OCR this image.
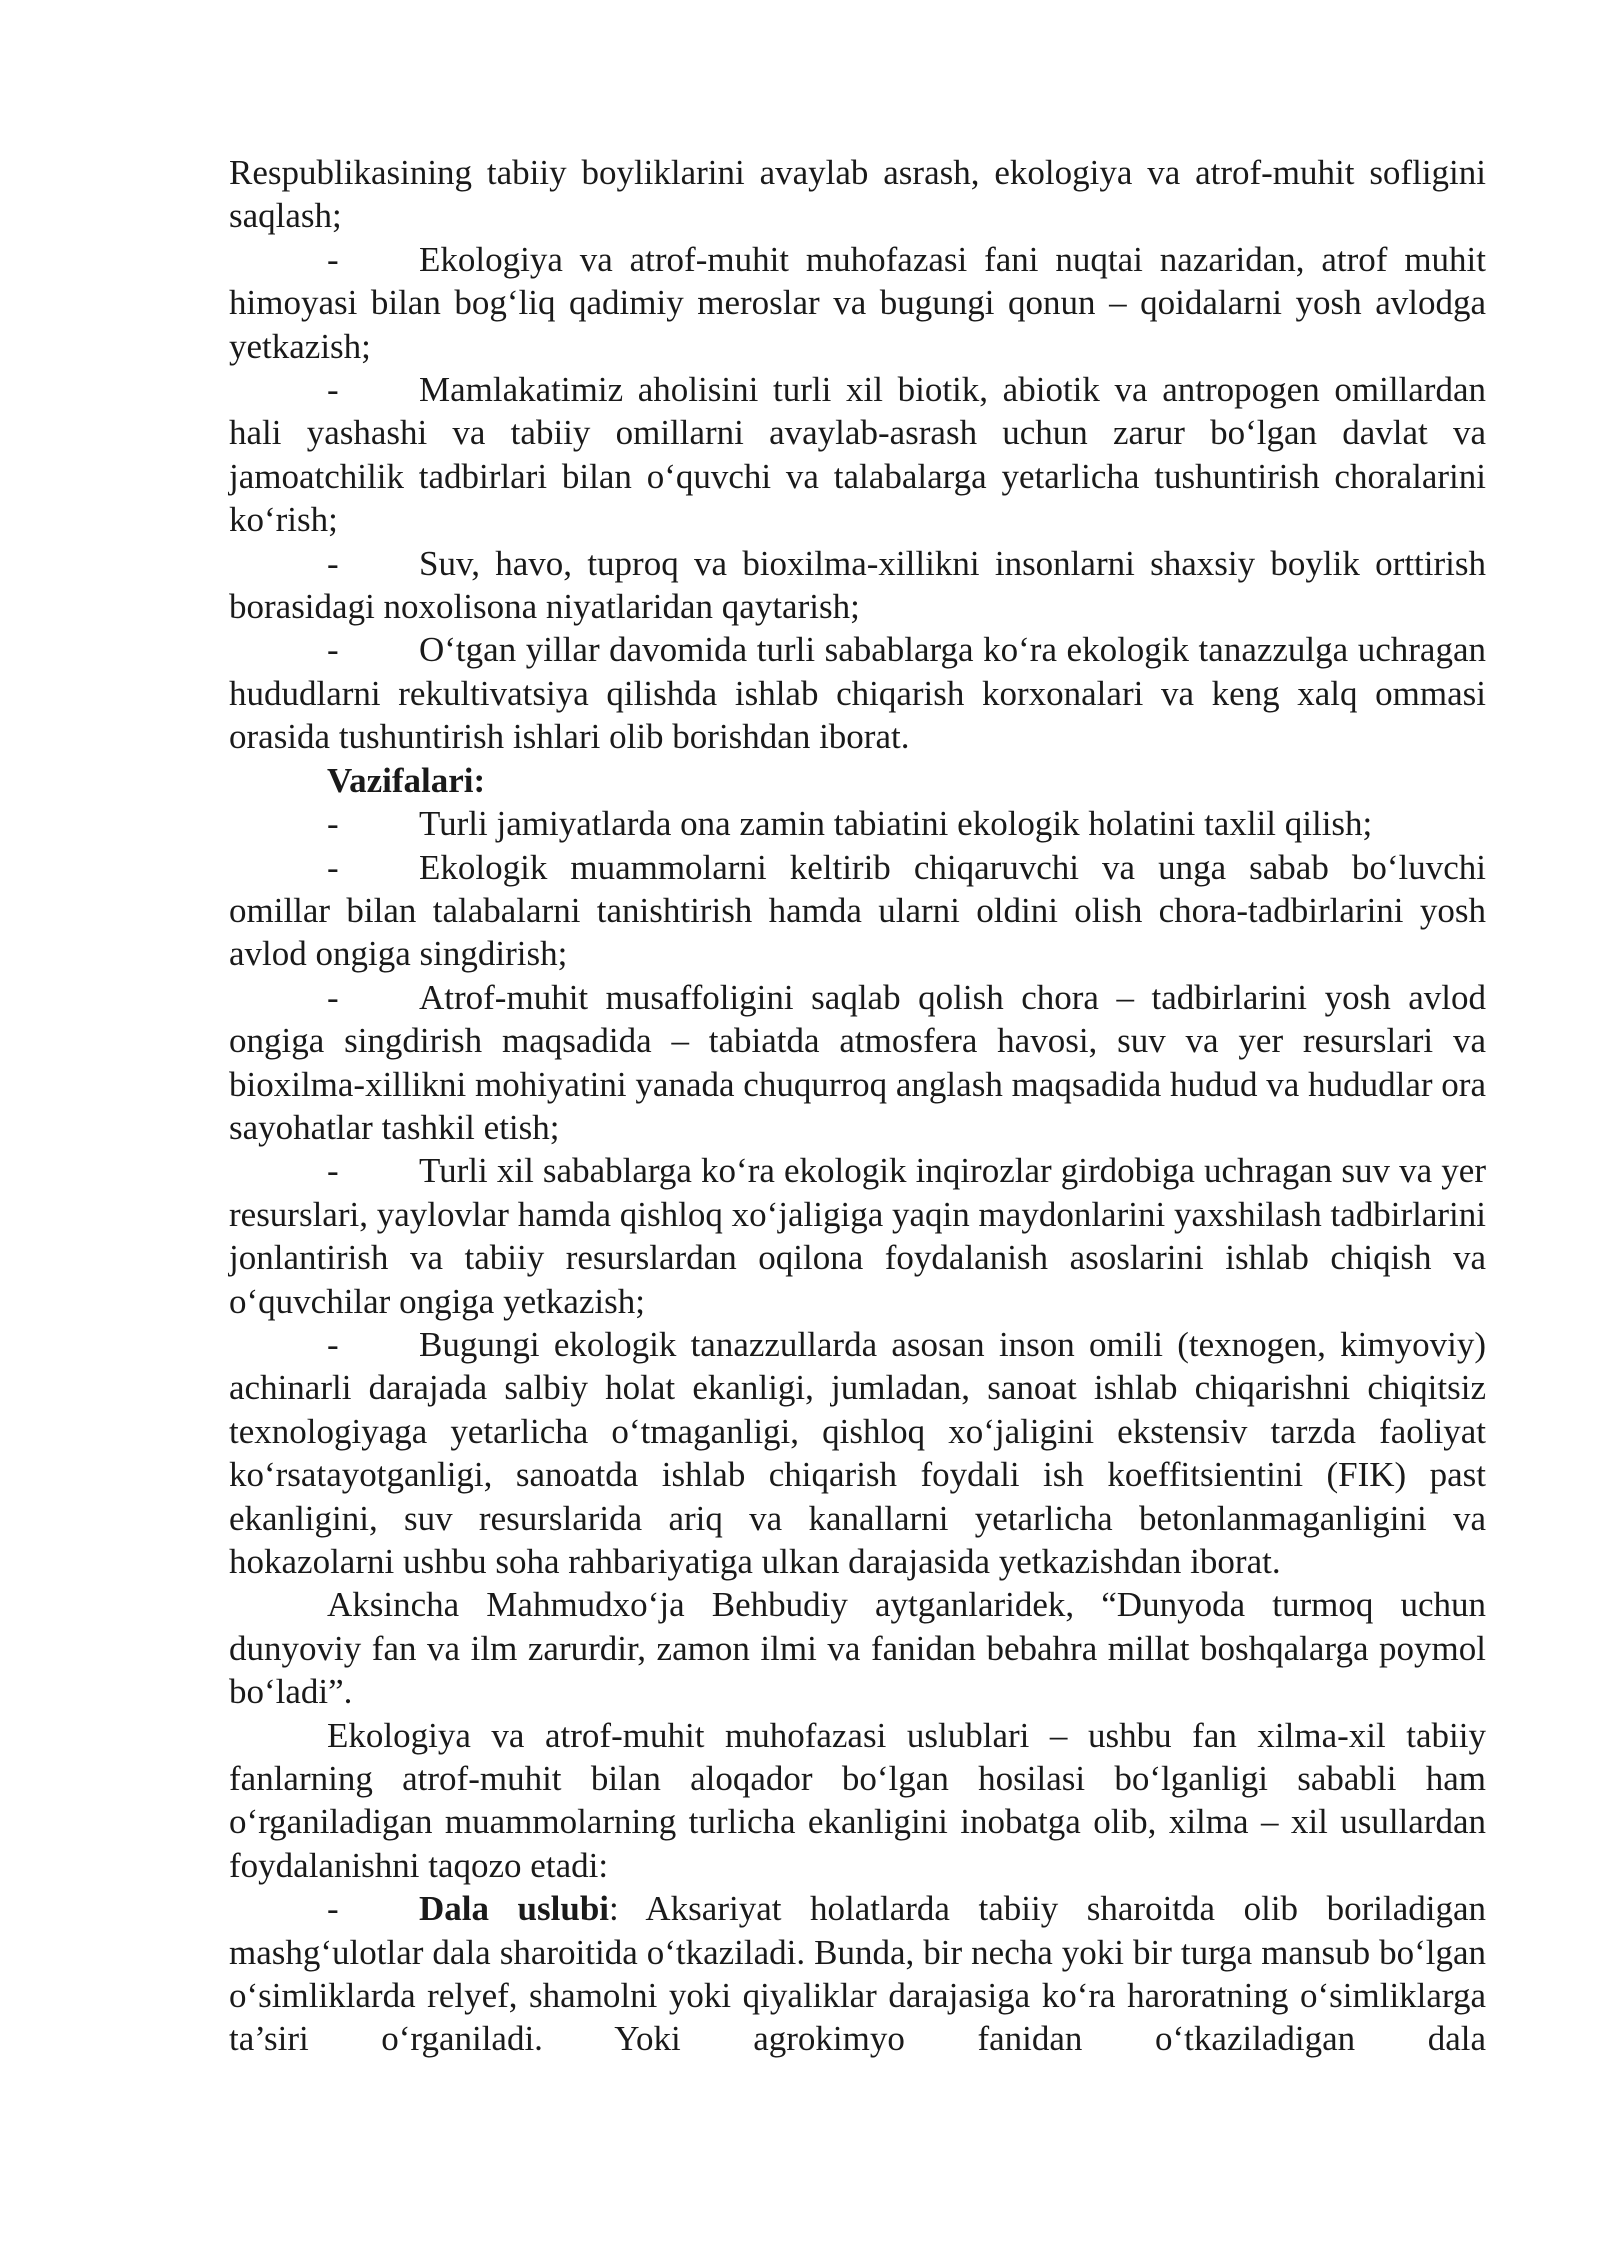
Respublikasining tabiiy boyliklarini avaylab asrash, ekologiya va atrof-muhit sofligini saqlash;

- Ekologiya va atrof-muhit muhofazasi fani nuqtai nazaridan, atrof muhit himoyasi bilan bog‘liq qadimiy meroslar va bugungi qonun – qoidalarni yosh avlodga yetkazish;

- Mamlakatimiz aholisini turli xil biotik, abiotik va antropogen omillardan hali yashashi va tabiiy omillarni avaylab-asrash uchun zarur bo‘lgan davlat va jamoatchilik tadbirlari bilan o‘quvchi va talabalarga yetarlicha tushuntirish choralarini ko‘rish;

- Suv, havo, tuproq va bioxilma-xillikni insonlarni shaxsiy boylik orttirish borasidagi noxolisona niyatlaridan qaytarish;

- O‘tgan yillar davomida turli sabablarga ko‘ra ekologik tanazzulga uchragan hududlarni rekultivatsiya qilishda ishlab chiqarish korxonalari va keng xalq ommasi orasida tushuntirish ishlari olib borishdan iborat.

Vazifalari:

- Turli jamiyatlarda ona zamin tabiatini ekologik holatini taxlil qilish;

- Ekologik muammolarni keltirib chiqaruvchi va unga sabab bo‘luvchi omillar bilan talabalarni tanishtirish hamda ularni oldini olish chora-tadbirlarini yosh avlod ongiga singdirish;

- Atrof-muhit musaffoligini saqlab qolish chora – tadbirlarini yosh avlod ongiga singdirish maqsadida – tabiatda atmosfera havosi, suv va yer resurslari va bioxilma-xillikni mohiyatini yanada chuqurroq anglash maqsadida hudud va hududlar ora sayohatlar tashkil etish;

- Turli xil sabablarga ko‘ra ekologik inqirozlar girdobiga uchragan suv va yer resurslari, yaylovlar hamda qishloq xo‘jaligiga yaqin maydonlarini yaxshilash tadbirlarini jonlantirish va tabiiy resurslardan oqilona foydalanish asoslarini ishlab chiqish va o‘quvchilar ongiga yetkazish;

- Bugungi ekologik tanazzullarda asosan inson omili (texnogen, kimyoviy) achinarli darajada salbiy holat ekanligi, jumladan, sanoat ishlab chiqarishni chiqitsiz texnologiyaga yetarlicha o‘tmaganligi, qishloq xo‘jaligini ekstensiv tarzda faoliyat ko‘rsatayotganligi, sanoatda ishlab chiqarish foydali ish koeffitsientini (FIK) past ekanligini, suv resurslarida ariq va kanallarni yetarlicha betonlanmaganligini va hokazolarni ushbu soha rahbariyatiga ulkan darajasida yetkazishdan iborat.

Aksincha Mahmudxo‘ja Behbudiy aytganlaridek, “Dunyoda turmoq uchun dunyoviy fan va ilm zarurdir, zamon ilmi va fanidan bebahra millat boshqalarga poymol bo‘ladi”.

Ekologiya va atrof-muhit muhofazasi uslublari – ushbu fan xilma-xil tabiiy fanlarning atrof-muhit bilan aloqador bo‘lgan hosilasi bo‘lganligi sababli ham o‘rganiladigan muammolarning turlicha ekanligini inobatga olib, xilma – xil usullardan foydalanishni taqozo etadi:

- Dala uslubi: Aksariyat holatlarda tabiiy sharoitda olib boriladigan mashg‘ulotlar dala sharoitida o‘tkaziladi. Bunda, bir necha yoki bir turga mansub bo‘lgan o‘simliklarda relyef, shamolni yoki qiyaliklar darajasiga ko‘ra haroratning o‘simliklarga ta’siri o‘rganiladi. Yoki agrokimyo fanidan o‘tkaziladigan dala
